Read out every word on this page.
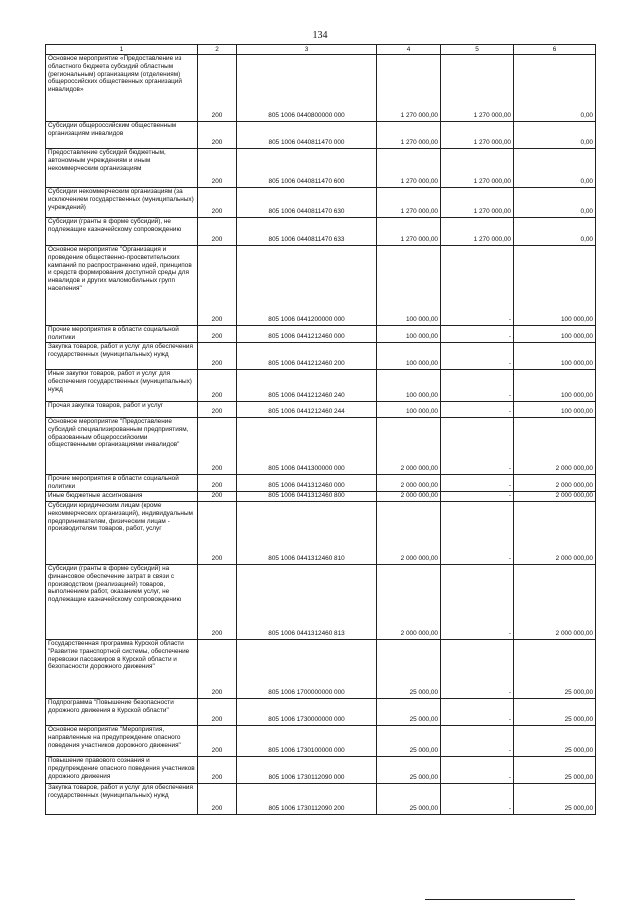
134
1	2	3	4	5	6
Основное мероприятие «Предоставление из областного бюджета субсидий областным (региональным) организациям (отделениям) общероссийских общественных организаций инвалидов»	200	805 1006 0440800000 000	1 270 000,00	1 270 000,00	0,00
Субсидии общероссийским общественным организациям инвалидов	200	805 1006 0440811470 000	1 270 000,00	1 270 000,00	0,00
Предоставление субсидий бюджетным, автономным учреждениям и иным некоммерческим организациям	200	805 1006 0440811470 600	1 270 000,00	1 270 000,00	0,00
Субсидии некоммерческим организациям (за исключением государственных (муниципальных) учреждений)	200	805 1006 0440811470 630	1 270 000,00	1 270 000,00	0,00
Субсидии (гранты в форме субсидий), не подлежащие казначейскому сопровождению	200	805 1006 0440811470 633	1 270 000,00	1 270 000,00	0,00
Основное мероприятие "Организация и проведение общественно-просветительских кампаний по распространению идей, принципов и средств формирования доступной среды для инвалидов и других маломобильных групп населения"	200	805 1006 0441200000 000	100 000,00	-	100 000,00
Прочие мероприятия в области социальной политики	200	805 1006 0441212460 000	100 000,00	-	100 000,00
Закупка товаров, работ и услуг для обеспечения государственных (муниципальных) нужд	200	805 1006 0441212460 200	100 000,00	-	100 000,00
Иные закупки товаров, работ и услуг для обеспечения государственных (муниципальных) нужд	200	805 1006 0441212460 240	100 000,00	-	100 000,00
Прочая закупка товаров, работ и услуг	200	805 1006 0441212460 244	100 000,00	-	100 000,00
Основное мероприятие "Предоставление субсидий специализированным предприятиям, образованным общероссийскими общественными организациями инвалидов"	200	805 1006 0441300000 000	2 000 000,00	-	2 000 000,00
Прочие мероприятия в области социальной политики	200	805 1006 0441312460 000	2 000 000,00	-	2 000 000,00
Иные бюджетные ассигнования	200	805 1006 0441312460 800	2 000 000,00	-	2 000 000,00
Субсидии юридическим лицам (кроме некоммерческих организаций), индивидуальным предпринимателям, физическим лицам - производителям товаров, работ, услуг	200	805 1006 0441312460 810	2 000 000,00	-	2 000 000,00
Субсидии (гранты в форме субсидий) на финансовое обеспечение затрат в связи с производством (реализацией) товаров, выполнением работ, оказанием услуг, не подлежащие казначейскому сопровождению	200	805 1006 0441312460 813	2 000 000,00	-	2 000 000,00
Государственная программа Курской области "Развитие транспортной системы, обеспечение перевозки пассажиров в Курской области и безопасности дорожного движения"	200	805 1006 1700000000 000	25 000,00	-	25 000,00
Подпрограмма "Повышение безопасности дорожного движения в Курской области"	200	805 1006 1730000000 000	25 000,00	-	25 000,00
Основное мероприятие "Мероприятия, направленные на предупреждение опасного поведения участников дорожного движения"	200	805 1006 1730100000 000	25 000,00	-	25 000,00
Повышение правового сознания и предупреждение опасного поведения участников дорожного движения	200	805 1006 1730112090 000	25 000,00	-	25 000,00
Закупка товаров, работ и услуг для обеспечения государственных (муниципальных) нужд	200	805 1006 1730112090 200	25 000,00	-	25 000,00
